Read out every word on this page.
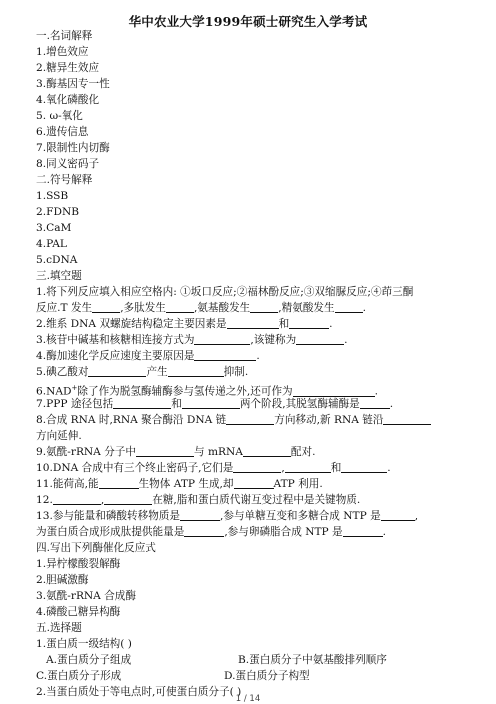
华中农业大学1999年硕士研究生入学考试
一.名词解释
1.增色效应
2.糖异生效应
3.酶基因专一性
4.氧化磷酸化
5. ω-氧化
6.遗传信息
7.限制性内切酶
8.同义密码子
二.符号解释
1.SSB
2.FDNB
3.CaM
4.PAL
5.cDNA
三.填空题
1.将下列反应填入相应空格内: ①坂口反应;②福林酚反应;③双缩脲反应;④茚三酮
反应.T 发生	,多肽发生	,氨基酸发生	,精氨酸发生	.
2.维系 DNA 双螺旋结构稳定主要因素是	和	.
3.核苷中碱基和核糖相连接方式为	,该键称为	.
4.酶加速化学反应速度主要原因是	.
5.碘乙酸对	产生	抑制.
6.NAD+除了作为脱氢酶辅酶参与氢传递之外,还可作为	.
7.PPP 途径包括	和	两个阶段,其脱氢酶辅酶是	.
8.合成 RNA 时,RNA 聚合酶沿 DNA 链	方向移动,新 RNA 链沿
方向延伸.
9.氨酰-rRNA 分子中	与 mRNA	配对.
10.DNA 合成中有三个终止密码子,它们是	,	和	.
11.能荷高,能	生物体 ATP 生成,却	ATP 利用.
12.	,	在糖,脂和蛋白质代谢互变过程中是关键物质.
13.参与能量和磷酸转移物质是	,参与单糖互变和多糖合成 NTP 是	,
为蛋白质合成形成肽提供能量是	,参与卵磷脂合成 NTP 是	.
四.写出下列酶催化反应式
1.异柠檬酸裂解酶
2.胆碱激酶
3.氨酰-rRNA 合成酶
4.磷酸己糖异构酶
五.选择题
1.蛋白质一级结构( )
A.蛋白质分子组成	B.蛋白质分子中氨基酸排列顺序
C.蛋白质分子形成	D.蛋白质分子构型
2.当蛋白质处于等电点时,可使蛋白质分子( )
1 / 14
